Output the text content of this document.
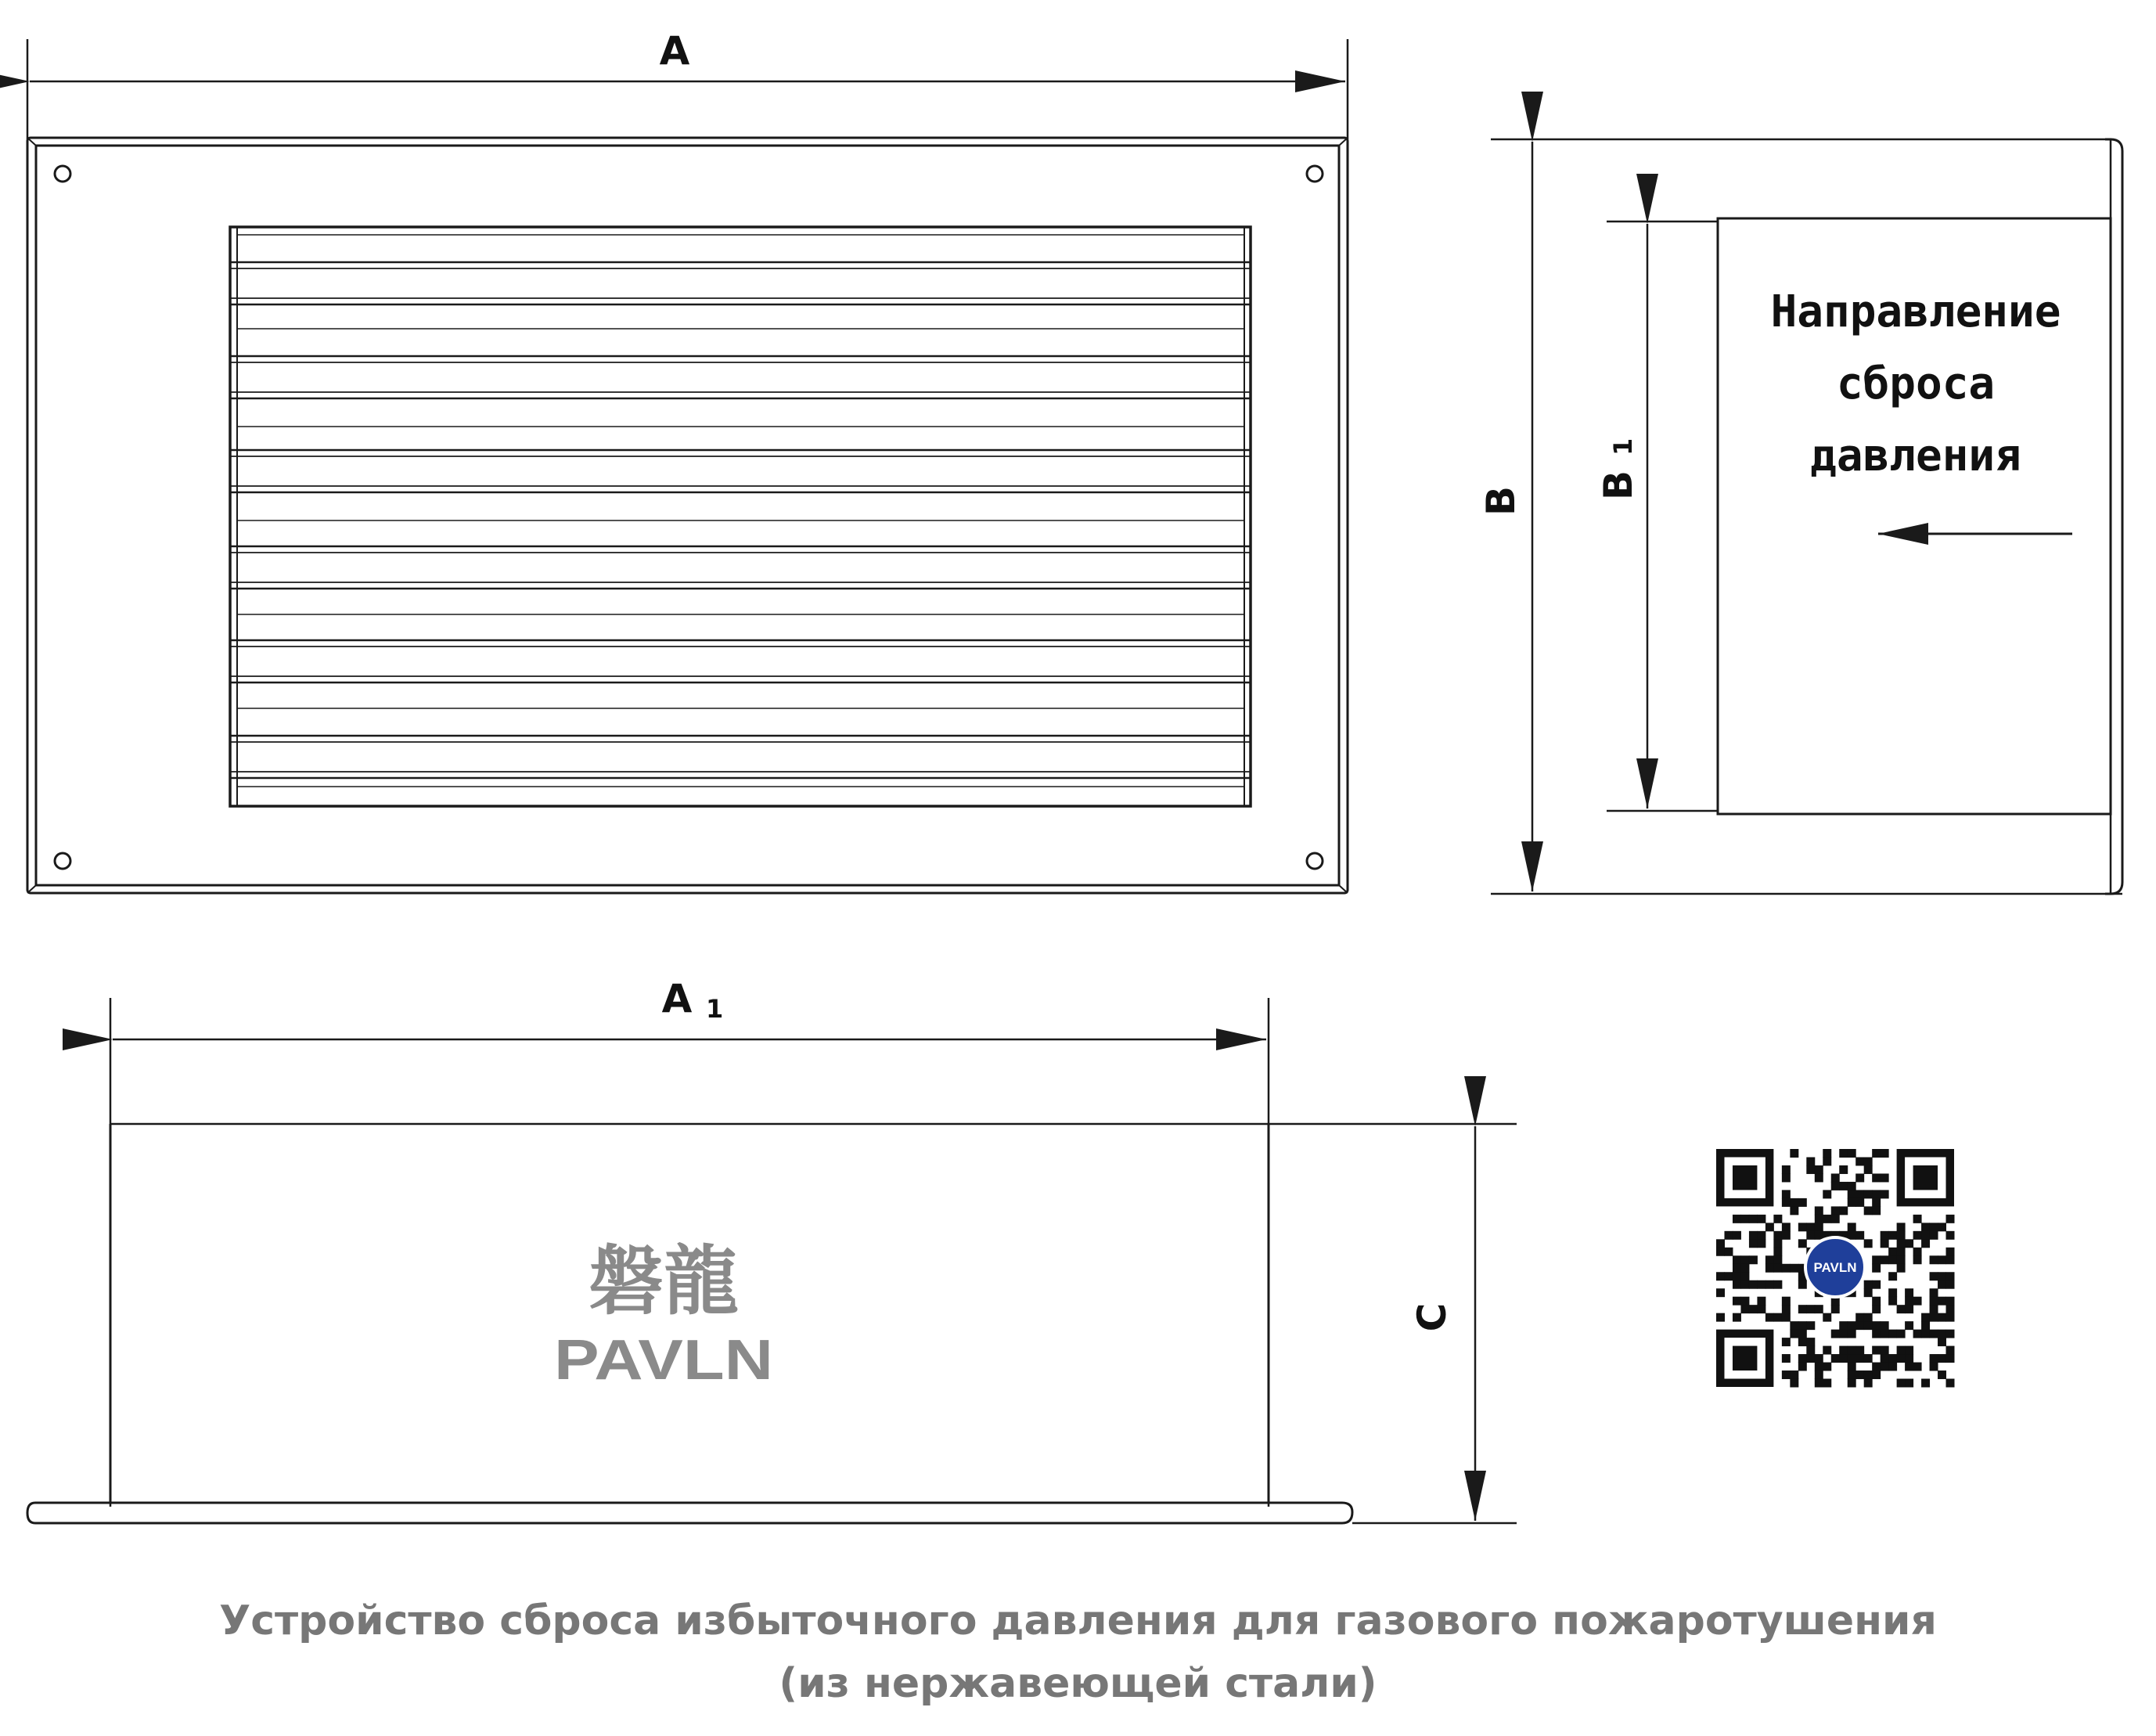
A
B
B
1
Направление
сброса
давления
A 1
C
磐龍
PAVLN
PAVLN
Устройство сброса избыточного давления для газового пожаротушения
(из нержавеющей стали)
